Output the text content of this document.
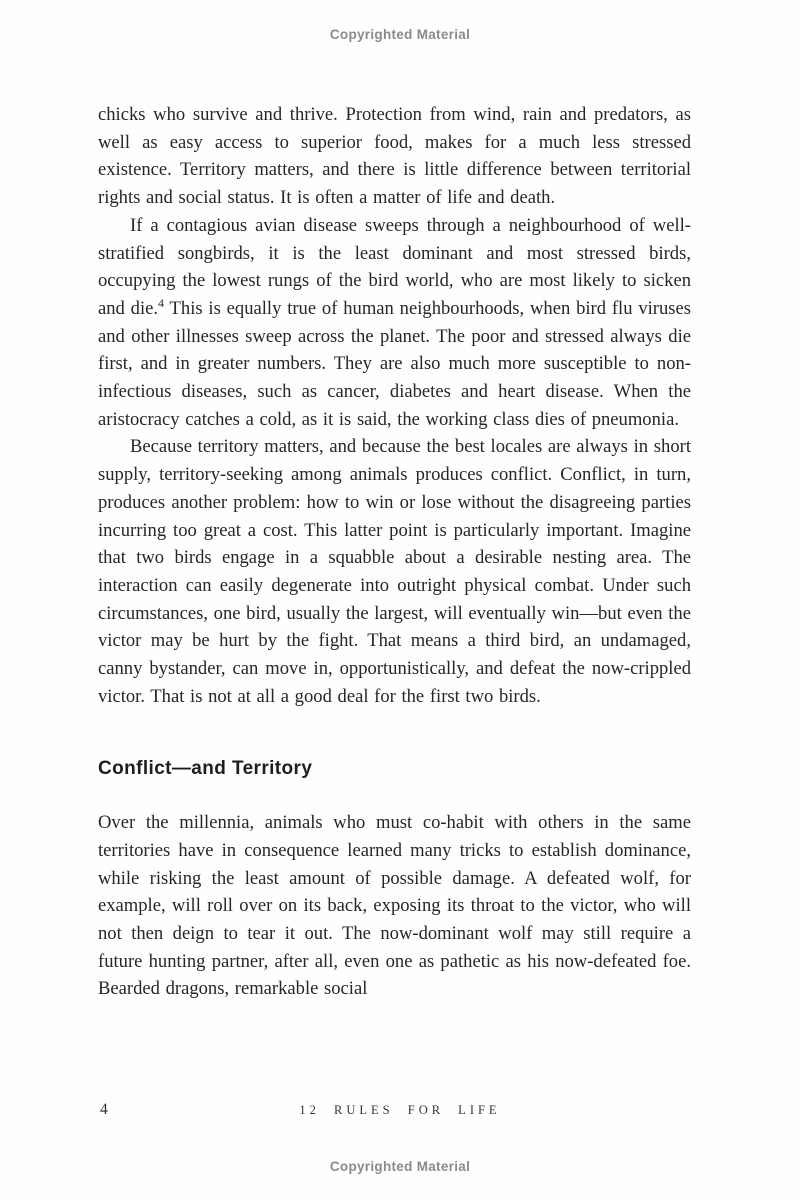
Copyrighted Material

chicks who survive and thrive. Protection from wind, rain and predators, as well as easy access to superior food, makes for a much less stressed existence. Territory matters, and there is little difference between territorial rights and social status. It is often a matter of life and death.

If a contagious avian disease sweeps through a neighbourhood of well-stratified songbirds, it is the least dominant and most stressed birds, occupying the lowest rungs of the bird world, who are most likely to sicken and die.$^4$ This is equally true of human neighbourhoods, when bird flu viruses and other illnesses sweep across the planet. The poor and stressed always die first, and in greater numbers. They are also much more susceptible to non-infectious diseases, such as cancer, diabetes and heart disease. When the aristocracy catches a cold, as it is said, the working class dies of pneumonia.

Because territory matters, and because the best locales are always in short supply, territory-seeking among animals produces conflict. Conflict, in turn, produces another problem: how to win or lose without the disagreeing parties incurring too great a cost. This latter point is particularly important. Imagine that two birds engage in a squabble about a desirable nesting area. The interaction can easily degenerate into outright physical combat. Under such circumstances, one bird, usually the largest, will eventually win—but even the victor may be hurt by the fight. That means a third bird, an undamaged, canny bystander, can move in, opportunistically, and defeat the now-crippled victor. That is not at all a good deal for the first two birds.

Conflict—and Territory

Over the millennia, animals who must co-habit with others in the same territories have in consequence learned many tricks to establish dominance, while risking the least amount of possible damage. A defeated wolf, for example, will roll over on its back, exposing its throat to the victor, who will not then deign to tear it out. The now-dominant wolf may still require a future hunting partner, after all, even one as pathetic as his now-defeated foe. Bearded dragons, remarkable social

4	12 RULES FOR LIFE
Copyrighted Material
